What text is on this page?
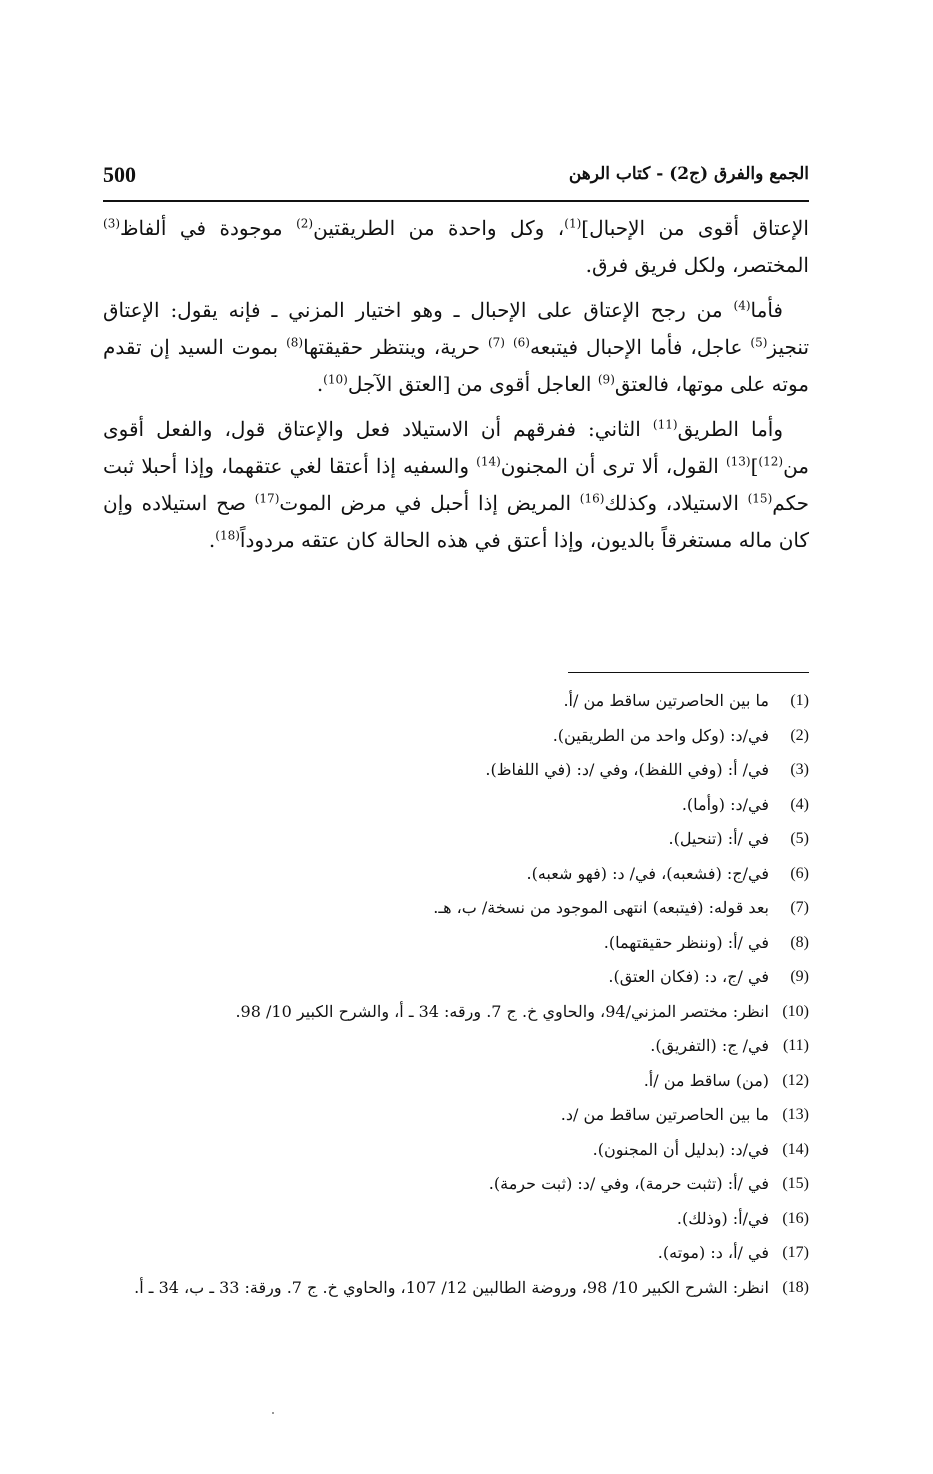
500	الجمع والفرق (ج2) - كتاب الرهن

الإعتاق أقوى من الإحبال]$^{(1)}$، وكل واحدة من الطريقتين$^{(2)}$ موجودة في ألفاظ$^{(3)}$ المختصر، ولكل فريق فرق.

فأما$^{(4)}$ من رجح الإعتاق على الإحبال ـ وهو اختيار المزني ـ فإنه يقول: الإعتاق تنجيز$^{(5)}$ عاجل، فأما الإحبال فيتبعه$^{(6)}$ $^{(7)}$ حرية، وينتظر حقيقتها$^{(8)}$ بموت السيد إن تقدم موته على موتها، فالعتق$^{(9)}$ العاجل أقوى من [العتق الآجل$^{(10)}$.

وأما الطريق$^{(11)}$ الثاني: ففرقهم أن الاستيلاد فعل والإعتاق قول، والفعل أقوى من$^{(12)}$]$^{(13)}$ القول، ألا ترى أن المجنون$^{(14)}$ والسفيه إذا أعتقا لغي عتقهما، وإذا أحبلا ثبت حكم$^{(15)}$ الاستيلاد، وكذلك$^{(16)}$ المريض إذا أحبل في مرض الموت$^{(17)}$ صح استيلاده وإن كان ماله مستغرقاً بالديون، وإذا أعتق في هذه الحالة كان عتقه مردوداً$^{(18)}$.

(1)
ما بين الحاصرتين ساقط من /أ.
(2)
في/د: (وكل واحد من الطريقين).
(3)
في/ أ: (وفي اللفظ)، وفي /د: (في اللفاظ).
(4)
في/د: (وأما).
(5)
في /أ: (تنحيل).
(6)
في/ج: (فشعبه)، في/ د: (فهو شعبه).
(7)
بعد قوله: (فيتبعه) انتهى الموجود من نسخة/ ب، هـ.
(8)
في /أ: (وننظر حقيقتهما).
(9)
في /ج، د: (فكان العتق).
(10)
انظر: مختصر المزني/94، والحاوي خ. ج 7. ورقه: 34 ـ أ، والشرح الكبير 10/ 98.
(11)
في/ ج: (التفريق).
(12)
(من) ساقط من /أ.
(13)
ما بين الحاصرتين ساقط من /د.
(14)
في/د: (بدليل أن المجنون).
(15)
في /أ: (تثبت حرمة)، وفي /د: (ثبت حرمة).
(16)
في/أ: (وذلك).
(17)
في /أ، د: (موته).
(18)
انظر: الشرح الكبير 10/ 98، وروضة الطالبين 12/ 107، والحاوي خ. ج 7. ورقة: 33 ـ ب، 34 ـ أ.
